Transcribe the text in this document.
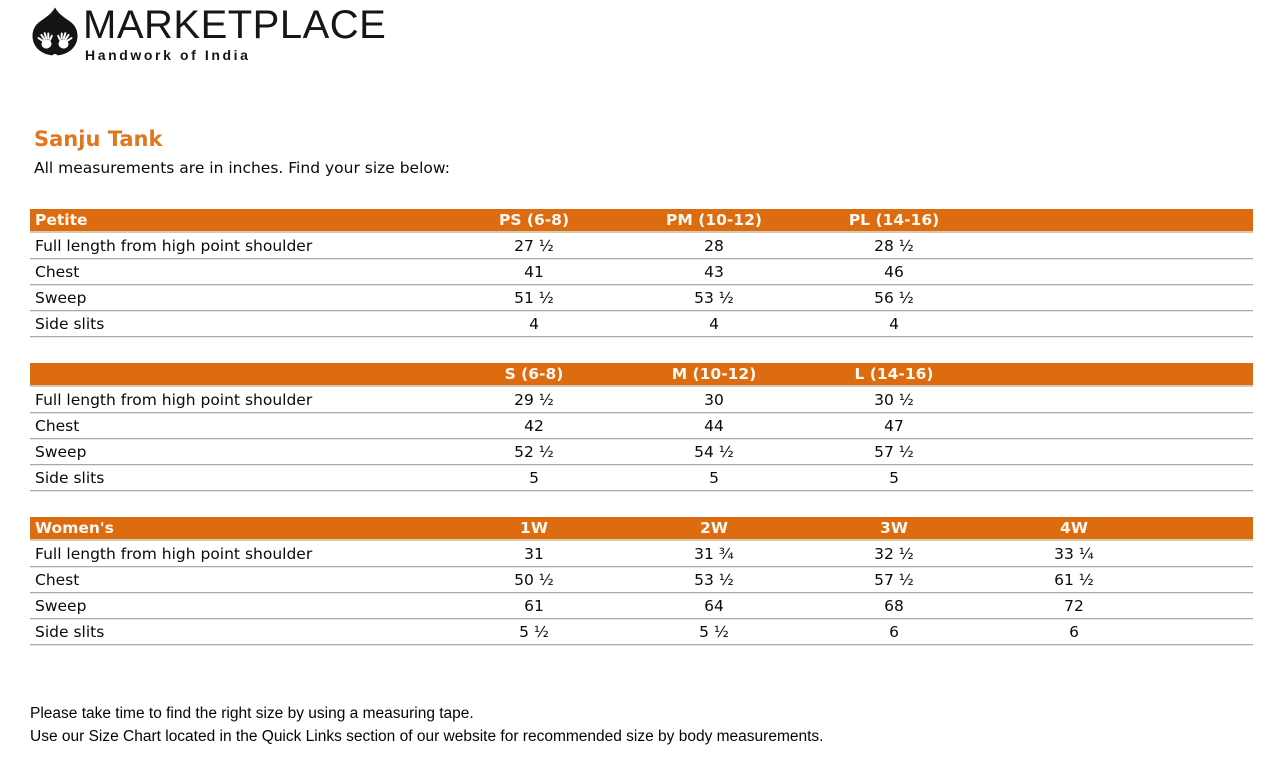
MARKETPLACE
Handwork of India
Sanju Tank

All measurements are in inches. Find your size below:

Petite	PS (6-8)	PM (10-12)	PL (14-16)	
Full length from high point shoulder	27 ½	28	28 ½	
Chest	41	43	46	
Sweep	51 ½	53 ½	56 ½	
Side slits	4	4	4	
	S (6-8)	M (10-12)	L (14-16)	
Full length from high point shoulder	29 ½	30	30 ½	
Chest	42	44	47	
Sweep	52 ½	54 ½	57 ½	
Side slits	5	5	5	
Women's	1W	2W	3W	4W	
Full length from high point shoulder	31	31 ¾	32 ½	33 ¼	
Chest	50 ½	53 ½	57 ½	61 ½	
Sweep	61	64	68	72	
Side slits	5 ½	5 ½	6	6	

Please take time to find the right size by using a measuring tape.

Use our Size Chart located in the Quick Links section of our website for recommended size by body measurements.
